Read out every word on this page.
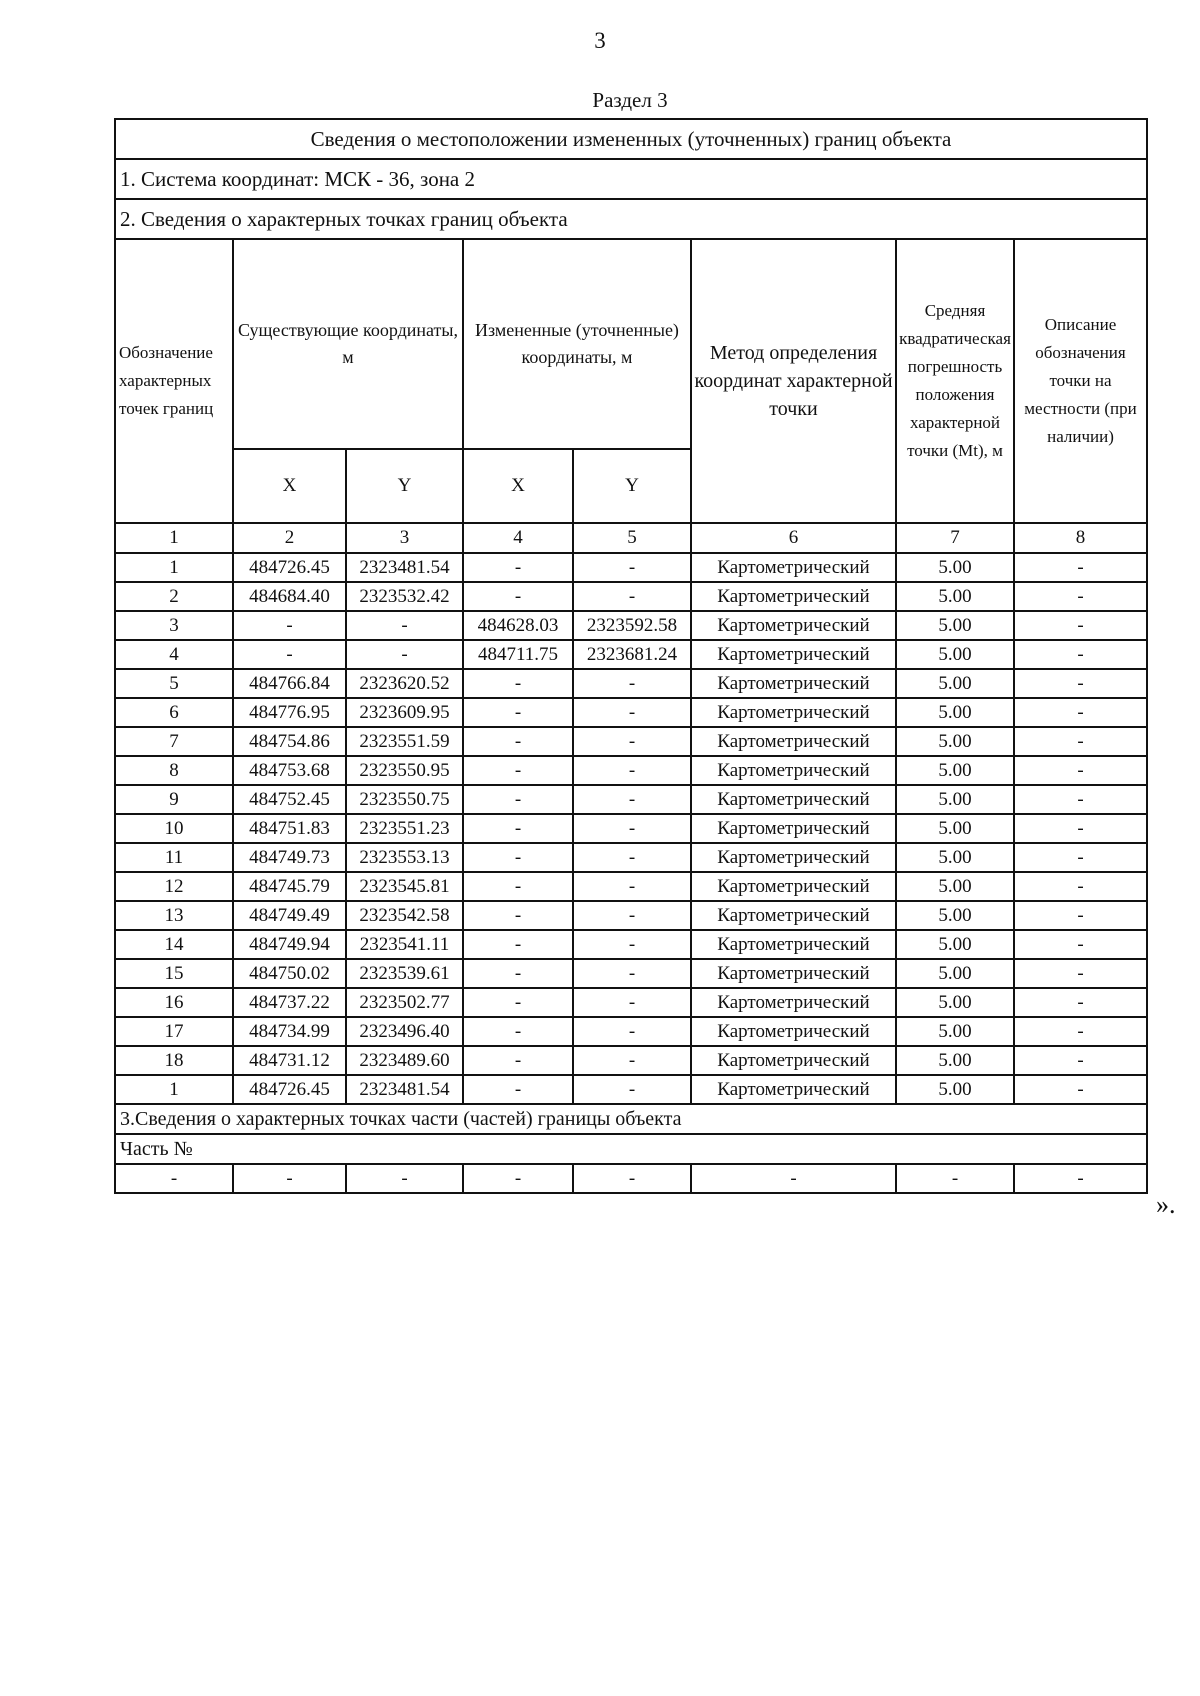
3
Раздел 3
Сведения о местоположении измененных (уточненных) границ объекта							
1. Система координат: МСК - 36, зона 2							
2. Сведения о характерных точках границ объекта							
Обозначение характерных точек границ	Существующие координаты, м		Измененные (уточненные) координаты, м		Метод определения координат характерной точки	Средняя квадратическая погрешность положения характерной точки (Mt), м	Описание обозначения точки на местности (при наличии)
	X	Y	X	Y			
1	2	3	4	5	6	7	8
1	484726.45	2323481.54	-	-	Картометрический	5.00	-
2	484684.40	2323532.42	-	-	Картометрический	5.00	-
3	-	-	484628.03	2323592.58	Картометрический	5.00	-
4	-	-	484711.75	2323681.24	Картометрический	5.00	-
5	484766.84	2323620.52	-	-	Картометрический	5.00	-
6	484776.95	2323609.95	-	-	Картометрический	5.00	-
7	484754.86	2323551.59	-	-	Картометрический	5.00	-
8	484753.68	2323550.95	-	-	Картометрический	5.00	-
9	484752.45	2323550.75	-	-	Картометрический	5.00	-
10	484751.83	2323551.23	-	-	Картометрический	5.00	-
11	484749.73	2323553.13	-	-	Картометрический	5.00	-
12	484745.79	2323545.81	-	-	Картометрический	5.00	-
13	484749.49	2323542.58	-	-	Картометрический	5.00	-
14	484749.94	2323541.11	-	-	Картометрический	5.00	-
15	484750.02	2323539.61	-	-	Картометрический	5.00	-
16	484737.22	2323502.77	-	-	Картометрический	5.00	-
17	484734.99	2323496.40	-	-	Картометрический	5.00	-
18	484731.12	2323489.60	-	-	Картометрический	5.00	-
1	484726.45	2323481.54	-	-	Картометрический	5.00	-
3.Сведения о характерных точках части (частей) границы объекта							
Часть №							
-	-	-	-	-	-	-	-
».
